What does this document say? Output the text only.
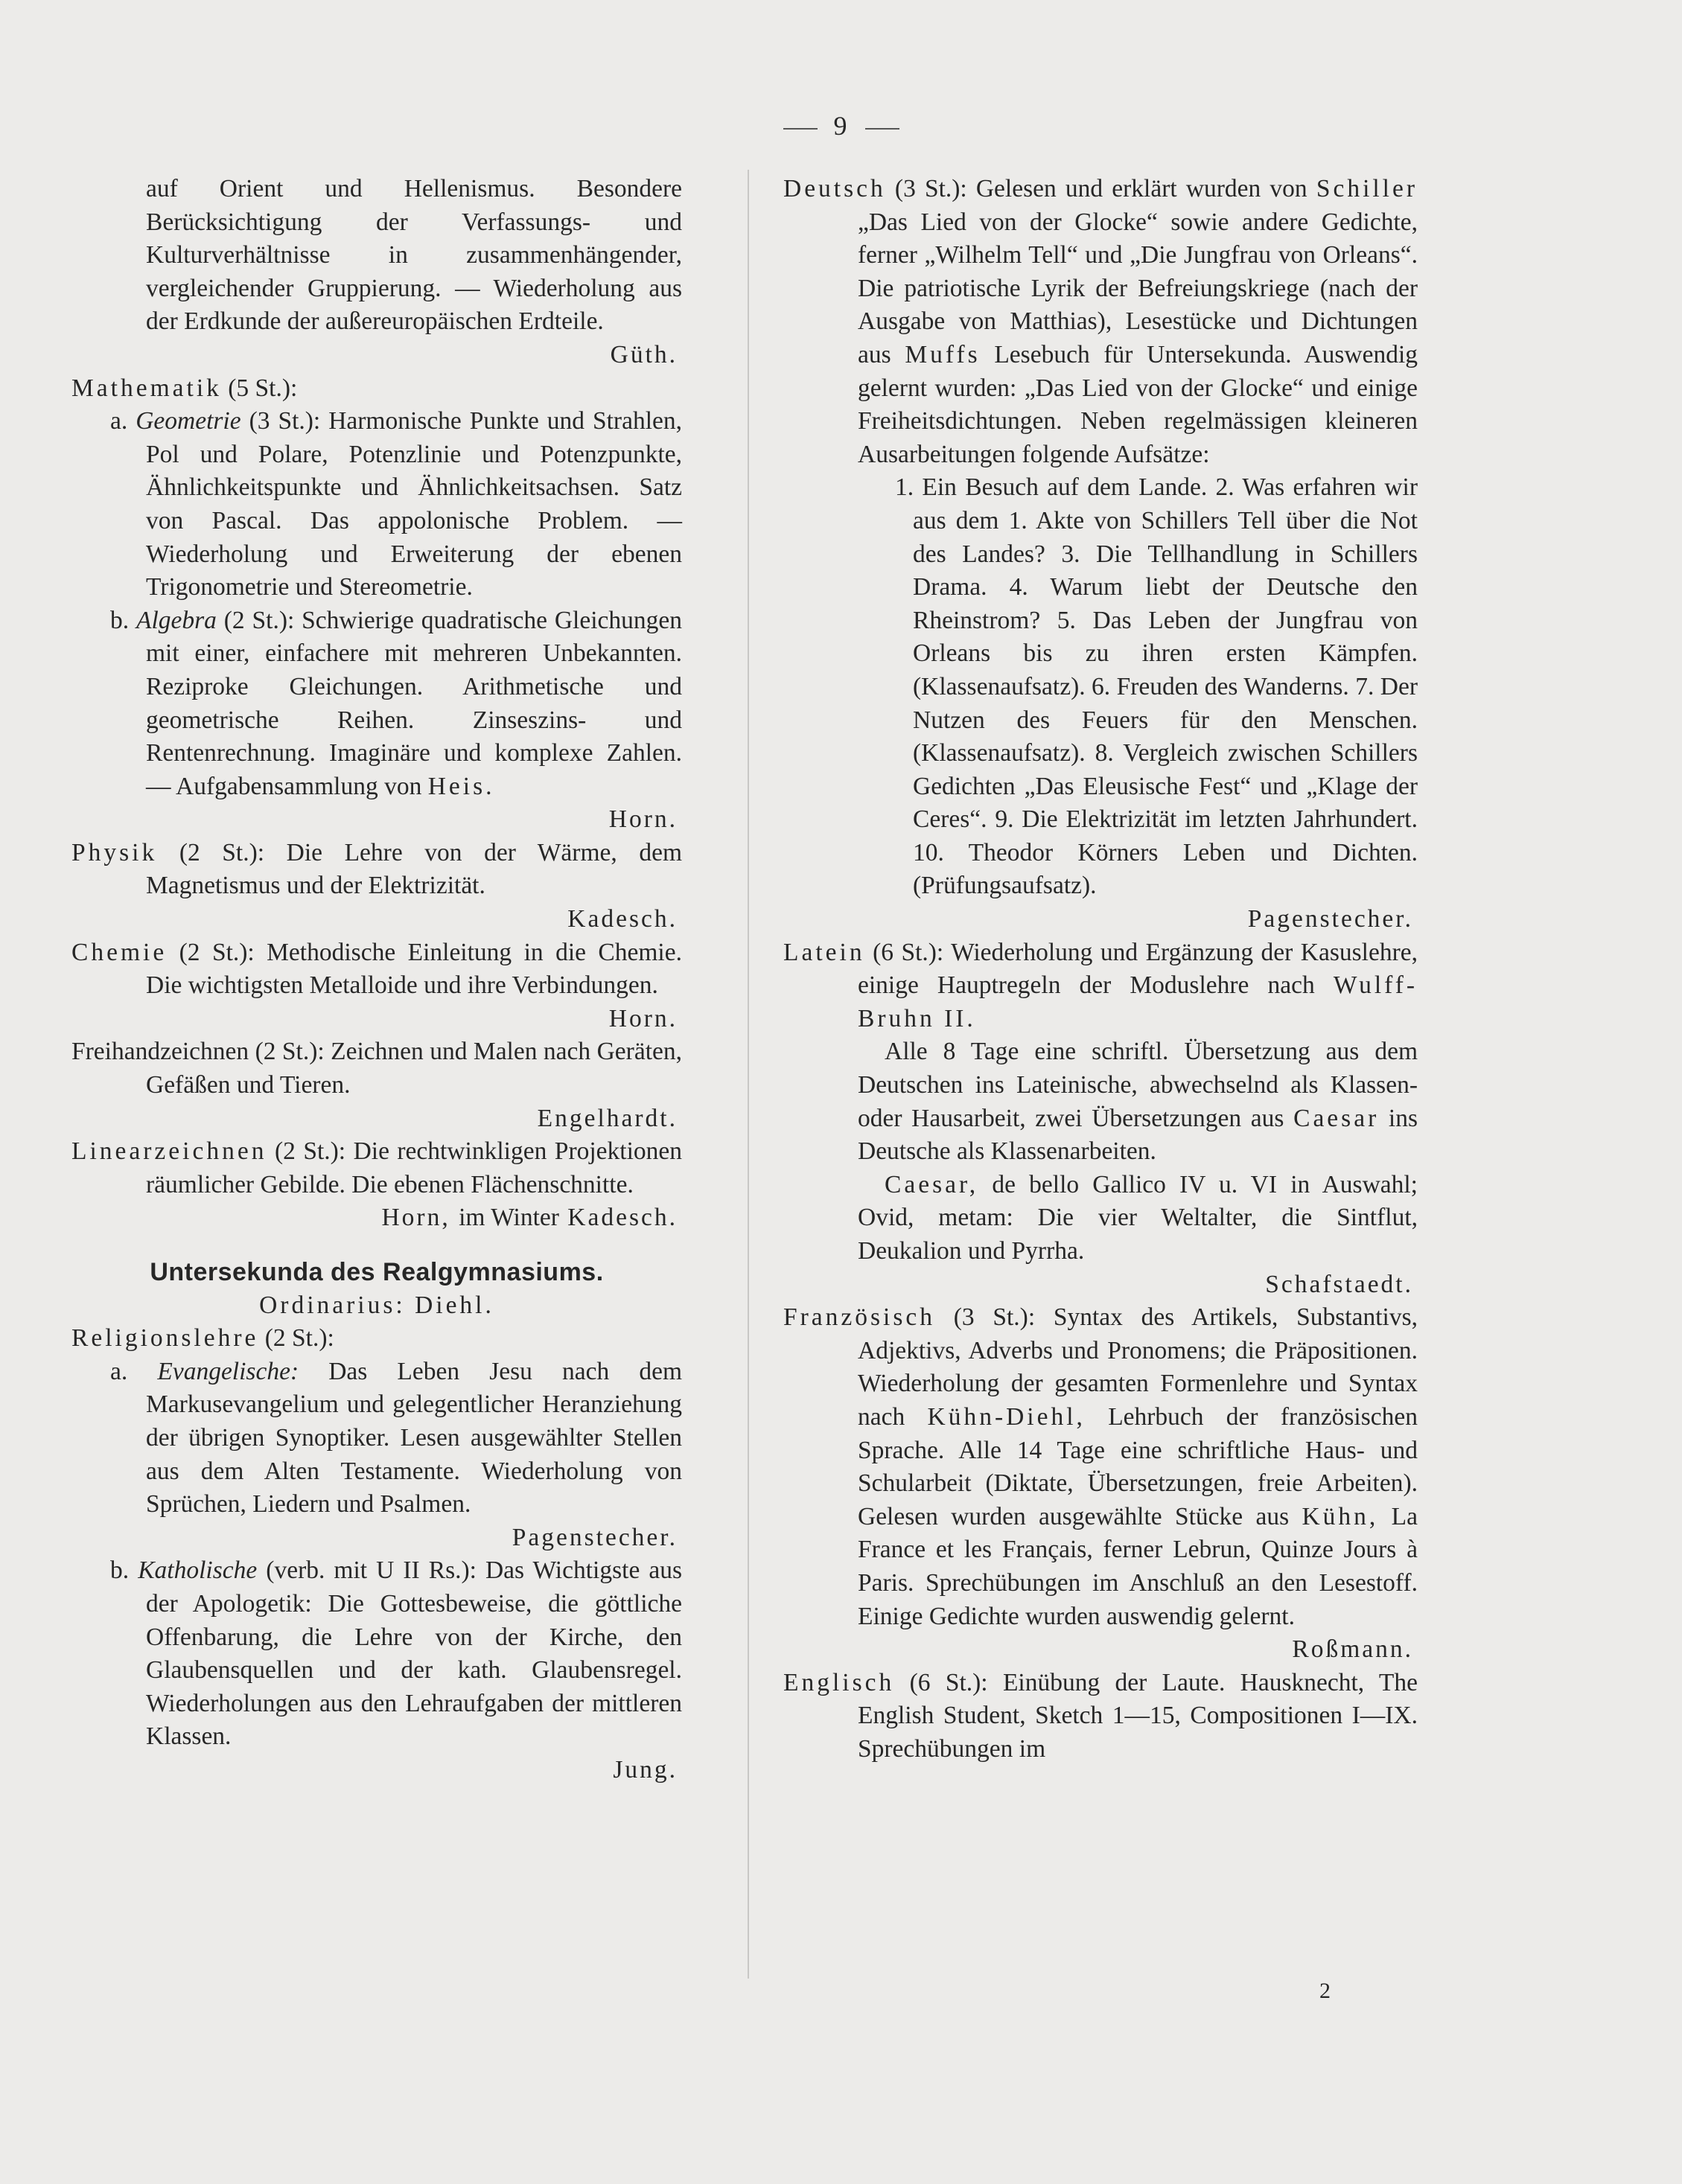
9

auf Orient und Hellenismus. Besondere Berücksichtigung der Verfassungs- und Kulturverhältnisse in zusammenhängender, vergleichender Gruppierung. — Wiederholung aus der Erdkunde der außereuropäischen Erdteile.

Güth.

Mathematik (5 St.):

a. Geometrie (3 St.): Harmonische Punkte und Strahlen, Pol und Polare, Potenzlinie und Potenzpunkte, Ähnlichkeitspunkte und Ähnlichkeitsachsen. Satz von Pascal. Das appolonische Problem. — Wiederholung und Erweiterung der ebenen Trigonometrie und Stereometrie.

b. Algebra (2 St.): Schwierige quadratische Gleichungen mit einer, einfachere mit mehreren Unbekannten. Reziproke Gleichungen. Arithmetische und geometrische Reihen. Zinseszins- und Rentenrechnung. Imaginäre und komplexe Zahlen. — Aufgabensammlung von Heis.

Horn.

Physik (2 St.): Die Lehre von der Wärme, dem Magnetismus und der Elektrizität.

Kadesch.

Chemie (2 St.): Methodische Einleitung in die Chemie. Die wichtigsten Metalloide und ihre Verbindungen.

Horn.

Freihandzeichnen (2 St.): Zeichnen und Malen nach Geräten, Gefäßen und Tieren.

Engelhardt.

Linearzeichnen (2 St.): Die rechtwinkligen Projektionen räumlicher Gebilde. Die ebenen Flächenschnitte.

Horn, im Winter Kadesch.

Untersekunda des Realgymnasiums.

Ordinarius: Diehl.

Religionslehre (2 St.):

a. Evangelische: Das Leben Jesu nach dem Markusevangelium und gelegentlicher Heranziehung der übrigen Synoptiker. Lesen ausgewählter Stellen aus dem Alten Testamente. Wiederholung von Sprüchen, Liedern und Psalmen.

Pagenstecher.

b. Katholische (verb. mit U II Rs.): Das Wichtigste aus der Apologetik: Die Gottesbeweise, die göttliche Offenbarung, die Lehre von der Kirche, den Glaubensquellen und der kath. Glaubensregel. Wiederholungen aus den Lehraufgaben der mittleren Klassen.

Jung.

Deutsch (3 St.): Gelesen und erklärt wurden von Schiller „Das Lied von der Glocke“ sowie andere Gedichte, ferner „Wilhelm Tell“ und „Die Jungfrau von Orleans“. Die patriotische Lyrik der Befreiungskriege (nach der Ausgabe von Matthias), Lesestücke und Dichtungen aus Muffs Lesebuch für Untersekunda. Auswendig gelernt wurden: „Das Lied von der Glocke“ und einige Freiheitsdichtungen. Neben regelmässigen kleineren Ausarbeitungen folgende Aufsätze:

1. Ein Besuch auf dem Lande. 2. Was erfahren wir aus dem 1. Akte von Schillers Tell über die Not des Landes? 3. Die Tellhandlung in Schillers Drama. 4. Warum liebt der Deutsche den Rheinstrom? 5. Das Leben der Jungfrau von Orleans bis zu ihren ersten Kämpfen. (Klassenaufsatz). 6. Freuden des Wanderns. 7. Der Nutzen des Feuers für den Menschen. (Klassenaufsatz). 8. Vergleich zwischen Schillers Gedichten „Das Eleusische Fest“ und „Klage der Ceres“. 9. Die Elektrizität im letzten Jahrhundert. 10. Theodor Körners Leben und Dichten. (Prüfungsaufsatz).

Pagenstecher.

Latein (6 St.): Wiederholung und Ergänzung der Kasuslehre, einige Hauptregeln der Moduslehre nach Wulff-Bruhn II.

Alle 8 Tage eine schriftl. Übersetzung aus dem Deutschen ins Lateinische, abwechselnd als Klassen- oder Hausarbeit, zwei Übersetzungen aus Caesar ins Deutsche als Klassenarbeiten.

Caesar, de bello Gallico IV u. VI in Auswahl; Ovid, metam: Die vier Weltalter, die Sintflut, Deukalion und Pyrrha.

Schafstaedt.

Französisch (3 St.): Syntax des Artikels, Substantivs, Adjektivs, Adverbs und Pronomens; die Präpositionen. Wiederholung der gesamten Formenlehre und Syntax nach Kühn-Diehl, Lehrbuch der französischen Sprache. Alle 14 Tage eine schriftliche Haus- und Schularbeit (Diktate, Übersetzungen, freie Arbeiten). Gelesen wurden ausgewählte Stücke aus Kühn, La France et les Français, ferner Lebrun, Quinze Jours à Paris. Sprechübungen im Anschluß an den Lesestoff. Einige Gedichte wurden auswendig gelernt.

Roßmann.

Englisch (6 St.): Einübung der Laute. Hausknecht, The English Student, Sketch 1—15, Compositionen I—IX. Sprechübungen im

2
